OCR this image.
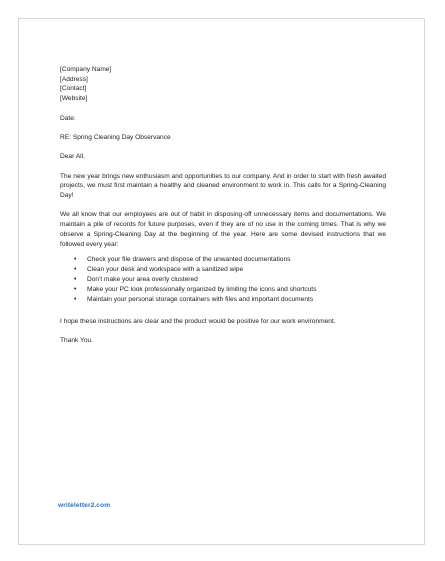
[Company Name]
[Address]
[Contact]
[Website]
Date:
RE: Spring Cleaning Day Observance
Dear All,

The new year brings new enthusiasm and opportunities to our company. And in order to start with fresh awaited projects, we must first maintain a healthy and cleaned environment to work in. This calls for a Spring-Cleaning Day!

We all know that our employees are out of habit in disposing-off unnecessary items and documentations. We maintain a pile of records for future purposes, even if they are of no use in the coming times. That is why we observe a Spring-Cleaning Day at the beginning of the year. Here are some devised instructions that we followed every year:

• Check your file drawers and dispose of the unwanted documentations
• Clean your desk and workspace with a sanitized wipe
• Don't make your area overly clustered
• Make your PC look professionally organized by limiting the icons and shortcuts
• Maintain your personal storage containers with files and important documents

I hope these instructions are clear and the product would be positive for our work environment.

Thank You.
writeletter2.com
